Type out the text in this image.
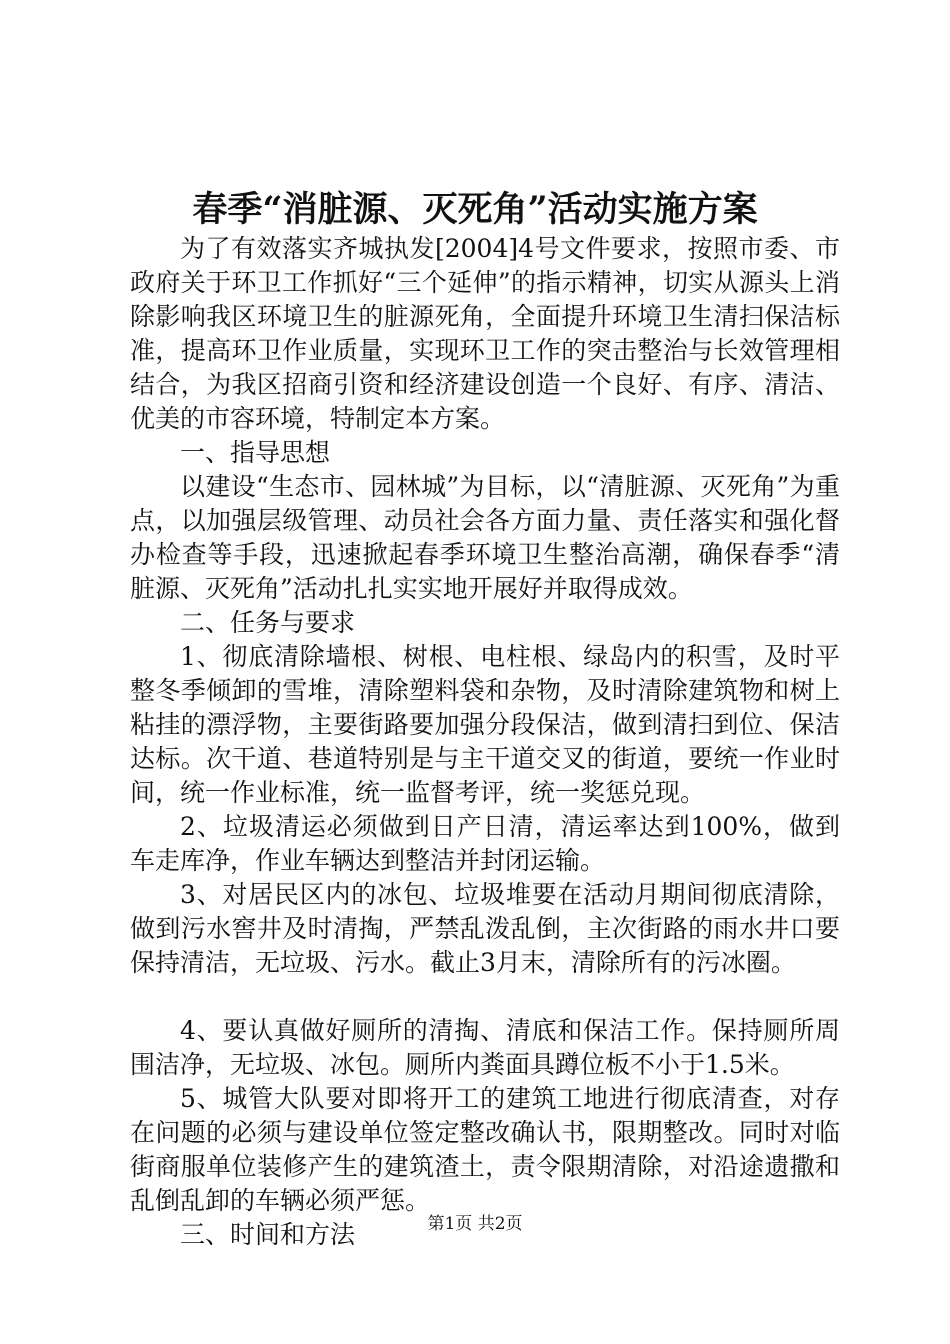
春季“消脏源、灭死角”活动实施方案

为了有效落实齐城执发[2004]4号文件要求，按照市委、市政府关于环卫工作抓好“三个延伸”的指示精神，切实从源头上消除影响我区环境卫生的脏源死角，全面提升环境卫生清扫保洁标准，提高环卫作业质量，实现环卫工作的突击整治与长效管理相结合，为我区招商引资和经济建设创造一个良好、有序、清洁、优美的市容环境，特制定本方案。

一、指导思想

以建设“生态市、园林城”为目标，以“清脏源、灭死角”为重点，以加强层级管理、动员社会各方面力量、责任落实和强化督办检查等手段，迅速掀起春季环境卫生整治高潮，确保春季“清脏源、灭死角”活动扎扎实实地开展好并取得成效。

二、任务与要求

1、彻底清除墙根、树根、电柱根、绿岛内的积雪，及时平整冬季倾卸的雪堆，清除塑料袋和杂物，及时清除建筑物和树上粘挂的漂浮物，主要街路要加强分段保洁，做到清扫到位、保洁达标。次干道、巷道特别是与主干道交叉的街道，要统一作业时间，统一作业标准，统一监督考评，统一奖惩兑现。

2、垃圾清运必须做到日产日清，清运率达到100%，做到车走库净，作业车辆达到整洁并封闭运输。

3、对居民区内的冰包、垃圾堆要在活动月期间彻底清除，做到污水窖井及时清掏，严禁乱泼乱倒，主次街路的雨水井口要保持清洁，无垃圾、污水。截止3月末，清除所有的污冰圈。

4、要认真做好厕所的清掏、清底和保洁工作。保持厕所周围洁净，无垃圾、冰包。厕所内粪面具蹲位板不小于1.5米。

5、城管大队要对即将开工的建筑工地进行彻底清查，对存在问题的必须与建设单位签定整改确认书，限期整改。同时对临街商服单位装修产生的建筑渣土，责令限期清除，对沿途遗撒和乱倒乱卸的车辆必须严惩。

三、时间和方法	第1页 共2页
